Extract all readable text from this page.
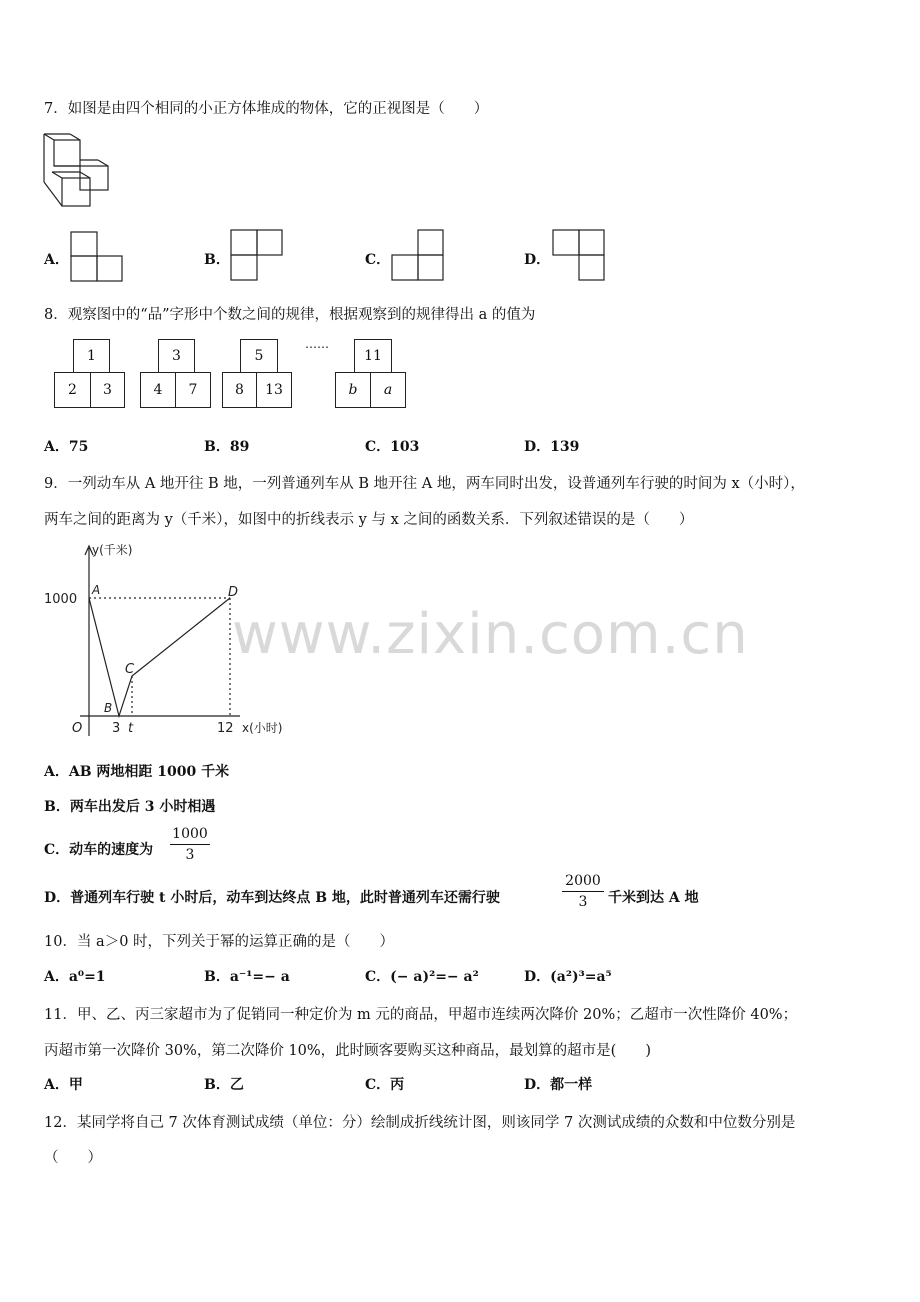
www.zixin.com.cn
7．如图是由四个相同的小正方体堆成的物体，它的正视图是（　　）
A．	B．	C．	D．
8．观察图中的“品”字形中个数之间的规律，根据观察到的规律得出 a 的值为
1
2	3
3
4	7
5
8	13
……
11
b	a
A．75	B．89	C．103	D．139
9．一列动车从 A 地开往 B 地，一列普通列车从 B 地开往 A 地，两车同时出发，设普通列车行驶的时间为 x（小时），
两车之间的距离为 y（千米），如图中的折线表示 y 与 x 之间的函数关系．下列叙述错误的是（　　）
y(千米)
1000
A	D
C
B
O 3 t	12 x(小时)
A．AB 两地相距 1000 千米
B．两车出发后 3 小时相遇
C．动车的速度为
1000
3
D．普通列车行驶 t 小时后，动车到达终点 B 地，此时普通列车还需行驶
2000
3	千米到达 A 地
10．当 a＞0 时，下列关于幂的运算正确的是（　　）
A．a⁰=1	B．a⁻¹=− a	C．(− a)²=− a²	D．(a²)³=a⁵
11．甲、乙、丙三家超市为了促销同一种定价为 m 元的商品，甲超市连续两次降价 20%；乙超市一次性降价 40%；
丙超市第一次降价 30%，第二次降价 10%，此时顾客要购买这种商品，最划算的超市是(　　)
A．甲	B．乙	C．丙	D．都一样
12．某同学将自己 7 次体育测试成绩（单位：分）绘制成折线统计图，则该同学 7 次测试成绩的众数和中位数分别是
（　　）
